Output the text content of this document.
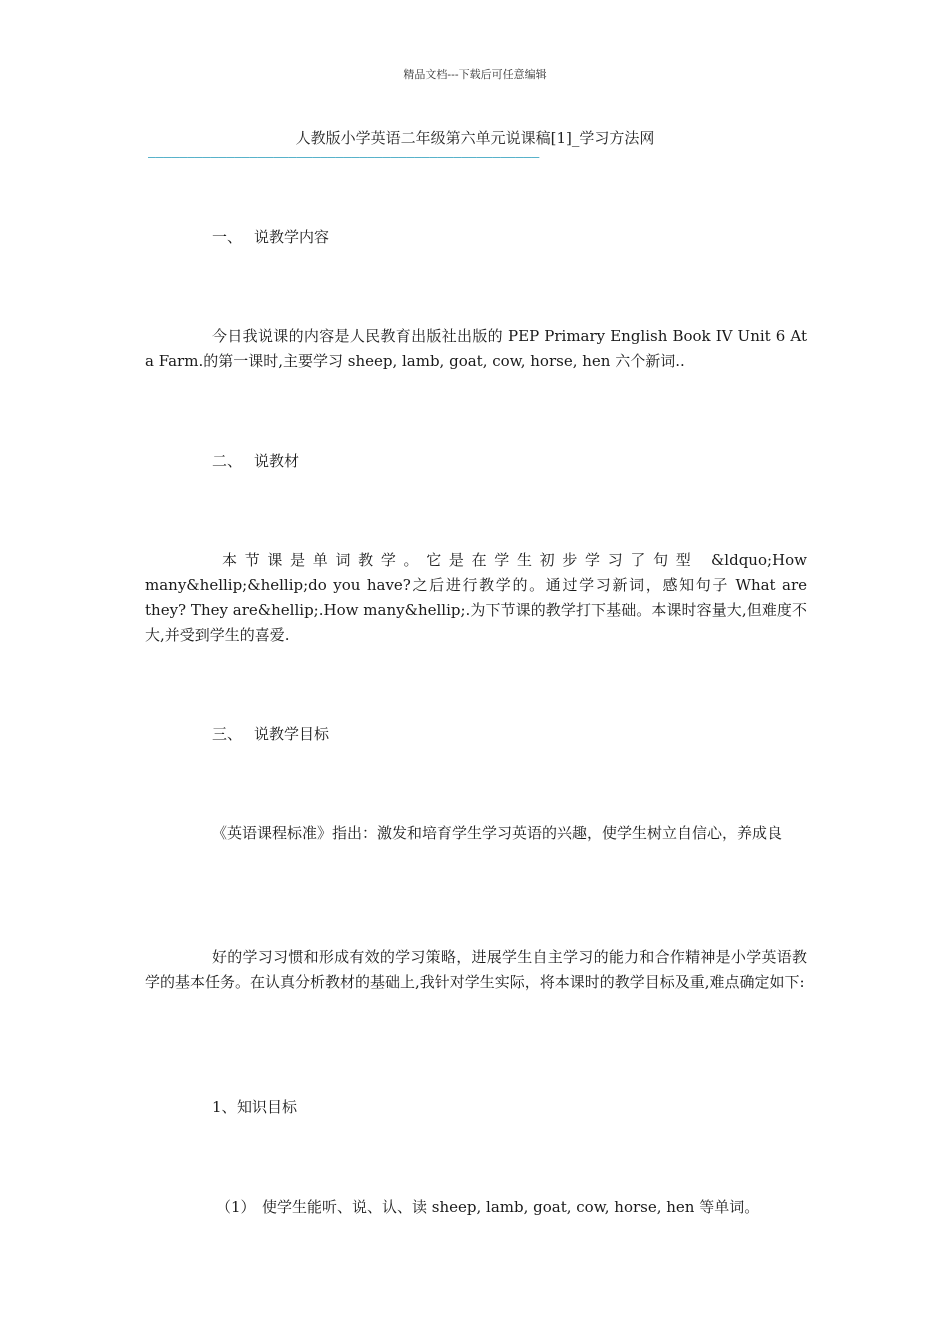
精品文档---下载后可任意编辑
人教版小学英语二年级第六单元说课稿[1]_学习方法网
——————————————————————————————————————————————————
一、 说教学内容
今日我说课的内容是人民教育出版社出版的 PEP Primary English Book IV Unit 6 At a Farm.的第一课时,主要学习 sheep, lamb, goat, cow, horse, hen 六个新词..
二、 说教材
本节课是单词教学。它是在学生初步学习了句型 &ldquo;How many&hellip;&hellip;do you have?之后进行教学的。通过学习新词，感知句子 What are they? They are&hellip;.How many&hellip;.为下节课的教学打下基础。本课时容量大,但难度不大,并受到学生的喜爱.
三、 说教学目标
《英语课程标准》指出：激发和培育学生学习英语的兴趣，使学生树立自信心，养成良
好的学习习惯和形成有效的学习策略，进展学生自主学习的能力和合作精神是小学英语教学的基本任务。在认真分析教材的基础上,我针对学生实际，将本课时的教学目标及重,难点确定如下:
1、知识目标
（1） 使学生能听、说、认、读 sheep, lamb, goat, cow, horse, hen 等单词。
